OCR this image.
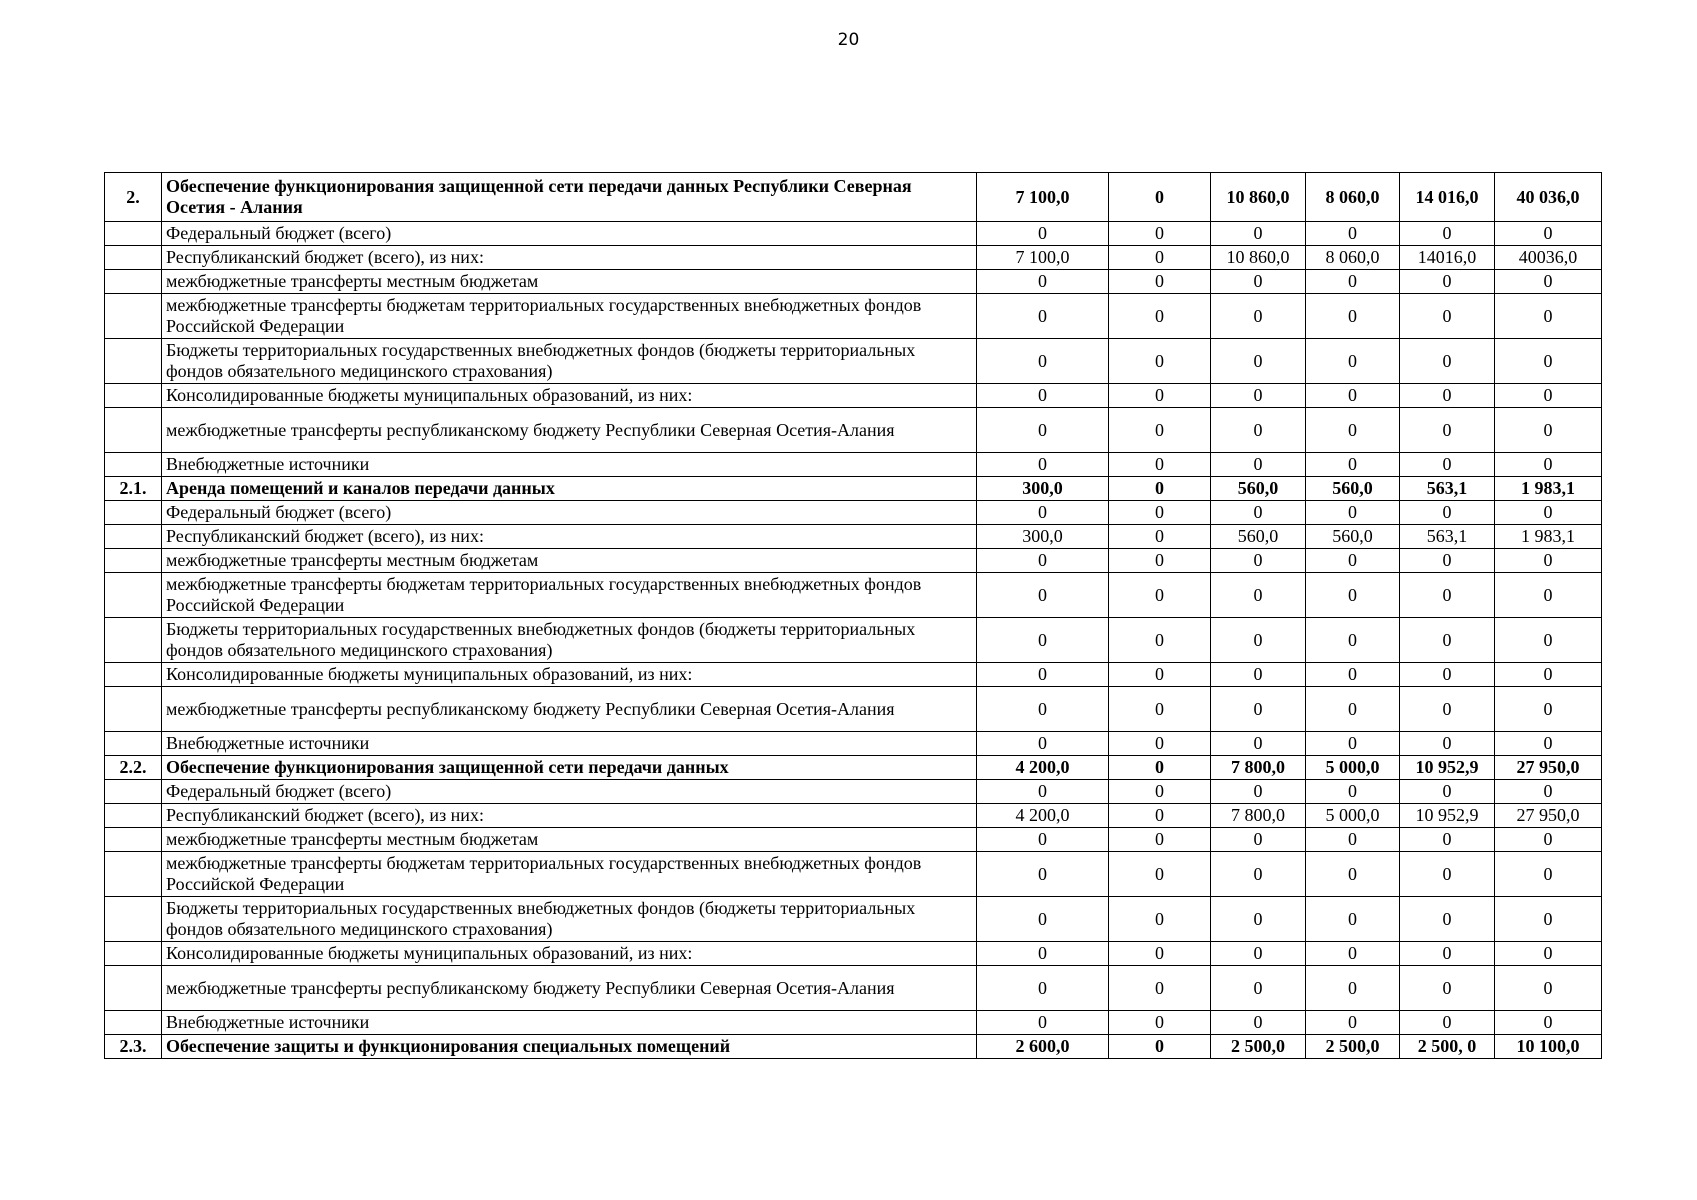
20
2.	Обеспечение функционирования защищенной сети передачи данных Республики Северная Осетия - Алания	7 100,0	0	10 860,0	8 060,0	14 016,0	40 036,0
	Федеральный бюджет (всего)	0	0	0	0	0	0
	Республиканский бюджет (всего), из них:	7 100,0	0	10 860,0	8 060,0	14016,0	40036,0
	межбюджетные трансферты местным бюджетам	0	0	0	0	0	0
	межбюджетные трансферты бюджетам территориальных государственных внебюджетных фондов Российской Федерации	0	0	0	0	0	0
	Бюджеты территориальных государственных внебюджетных фондов (бюджеты территориальных фондов обязательного медицинского страхования)	0	0	0	0	0	0
	Консолидированные бюджеты муниципальных образований, из них:	0	0	0	0	0	0
	межбюджетные трансферты республиканскому бюджету Республики Северная Осетия-Алания	0	0	0	0	0	0
	Внебюджетные источники	0	0	0	0	0	0
2.1.	Аренда помещений и каналов передачи данных	300,0	0	560,0	560,0	563,1	1 983,1
	Федеральный бюджет (всего)	0	0	0	0	0	0
	Республиканский бюджет (всего), из них:	300,0	0	560,0	560,0	563,1	1 983,1
	межбюджетные трансферты местным бюджетам	0	0	0	0	0	0
	межбюджетные трансферты бюджетам территориальных государственных внебюджетных фондов Российской Федерации	0	0	0	0	0	0
	Бюджеты территориальных государственных внебюджетных фондов (бюджеты территориальных фондов обязательного медицинского страхования)	0	0	0	0	0	0
	Консолидированные бюджеты муниципальных образований, из них:	0	0	0	0	0	0
	межбюджетные трансферты республиканскому бюджету Республики Северная Осетия-Алания	0	0	0	0	0	0
	Внебюджетные источники	0	0	0	0	0	0
2.2.	Обеспечение функционирования защищенной сети передачи данных	4 200,0	0	7 800,0	5 000,0	10 952,9	27 950,0
	Федеральный бюджет (всего)	0	0	0	0	0	0
	Республиканский бюджет (всего), из них:	4 200,0	0	7 800,0	5 000,0	10 952,9	27 950,0
	межбюджетные трансферты местным бюджетам	0	0	0	0	0	0
	межбюджетные трансферты бюджетам территориальных государственных внебюджетных фондов Российской Федерации	0	0	0	0	0	0
	Бюджеты территориальных государственных внебюджетных фондов (бюджеты территориальных фондов обязательного медицинского страхования)	0	0	0	0	0	0
	Консолидированные бюджеты муниципальных образований, из них:	0	0	0	0	0	0
	межбюджетные трансферты республиканскому бюджету Республики Северная Осетия-Алания	0	0	0	0	0	0
	Внебюджетные источники	0	0	0	0	0	0
2.3.	Обеспечение защиты и функционирования специальных помещений	2 600,0	0	2 500,0	2 500,0	2 500, 0	10 100,0
